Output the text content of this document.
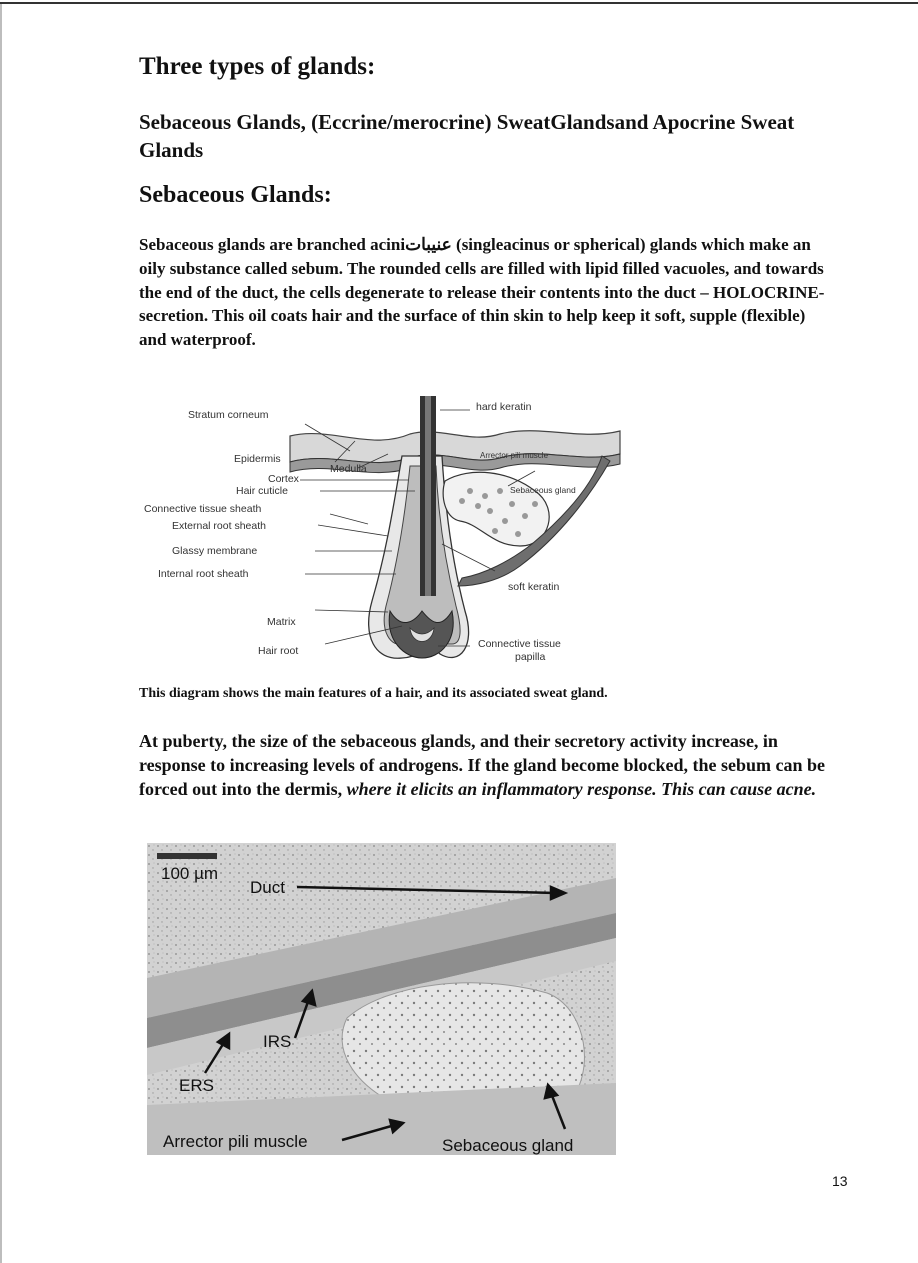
Three types of glands:

Sebaceous Glands, (Eccrine/merocrine) SweatGlandsand Apocrine Sweat Glands

Sebaceous Glands:

Sebaceous glands are branched aciniعنيبات (singleacinus or spherical) glands which make an oily substance called sebum. The rounded cells are filled with lipid filled vacuoles, and towards the end of the duct, the cells degenerate to release their contents into the duct – HOLOCRINE- secretion. This oil coats hair and the surface of thin skin to help keep it soft, supple (flexible) and waterproof.

Stratum corneum
hard keratin
Epidermis
Medulla
Arrector pili muscle
Cortex
Hair cuticle	Sebaceous gland
Connective tissue sheath
External root sheath
Glassy membrane
Internal root sheath
soft keratin
Matrix
Hair root
Connective tissue
papilla

This diagram shows the main features of a hair, and its associated sweat gland.

At puberty, the size of the sebaceous glands, and their secretory activity increase, in response to increasing levels of androgens. If the gland become blocked, the sebum can be forced out into the dermis, where it elicits an inflammatory response. This can cause acne.

100 µm
Duct
IRS
ERS
Arrector pili muscle	Sebaceous gland
13
